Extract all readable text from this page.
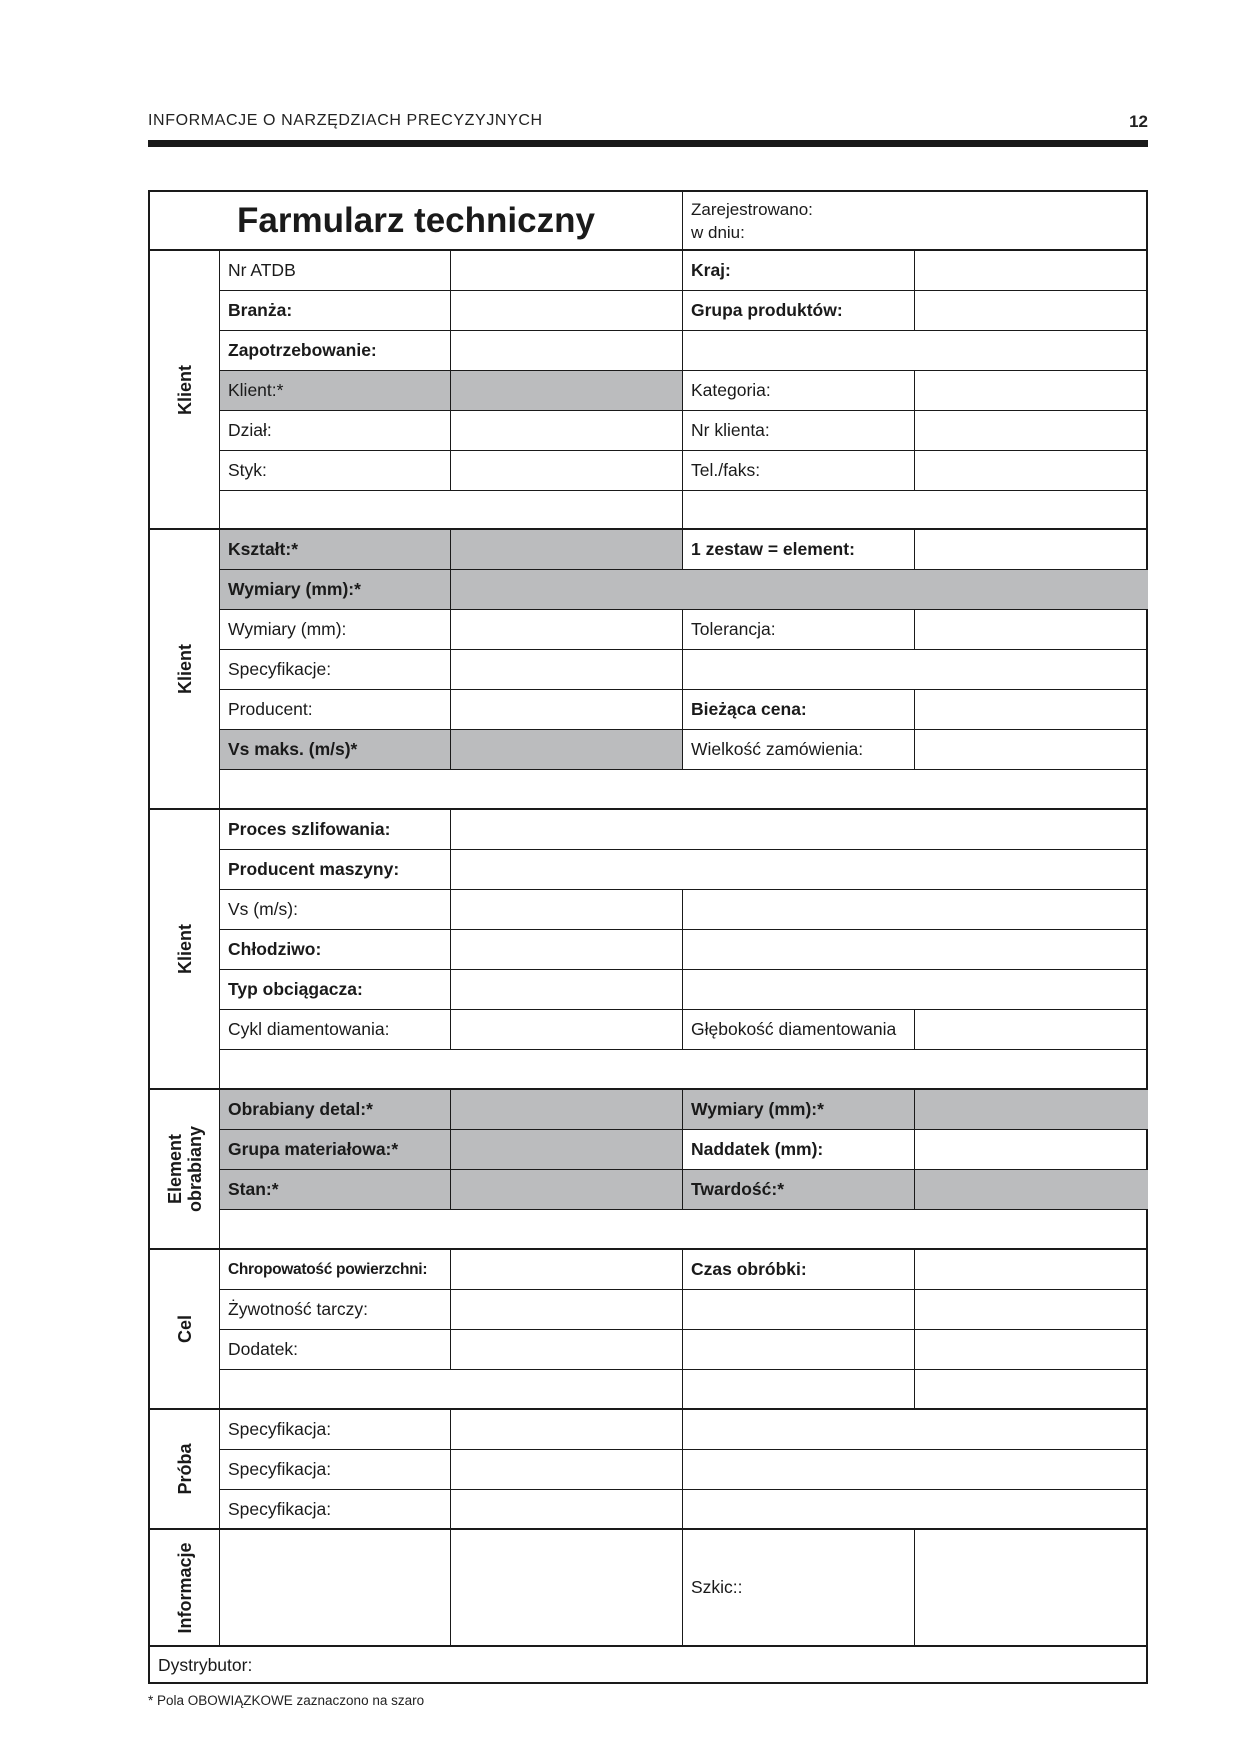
INFORMACJE O NARZĘDZIACH PRECYZYJNYCH	12
Farmularz techniczny	Zarejestrowano:
w dniu:
Klient
Nr ATDB	Kraj:
Branża:	Grupa produktów:
Zapotrzebowanie:
Klient:*	Kategoria:
Dział:	Nr klienta:
Styk:	Tel./faks:
Klient
Kształt:*	1 zestaw = element:
Wymiary (mm):*
Wymiary (mm):	Tolerancja:
Specyfikacje:
Producent:	Bieżąca cena:
Vs maks. (m/s)*	Wielkość zamówienia:
Klient
Proces szlifowania:
Producent maszyny:
Vs (m/s):
Chłodziwo:
Typ obciągacza:
Cykl diamentowania:	Głębokość diamentowania
Element
obrabiany
Obrabiany detal:*	Wymiary (mm):*
Grupa materiałowa:*	Naddatek (mm):
Stan:*	Twardość:*
Cel
Chropowatość powierzchni:	Czas obróbki:
Żywotność tarczy:
Dodatek:
Próba
Specyfikacja:
Specyfikacja:
Specyfikacja:
Informacje	Szkic::
Dystrybutor:
* Pola OBOWIĄZKOWE zaznaczono na szaro
